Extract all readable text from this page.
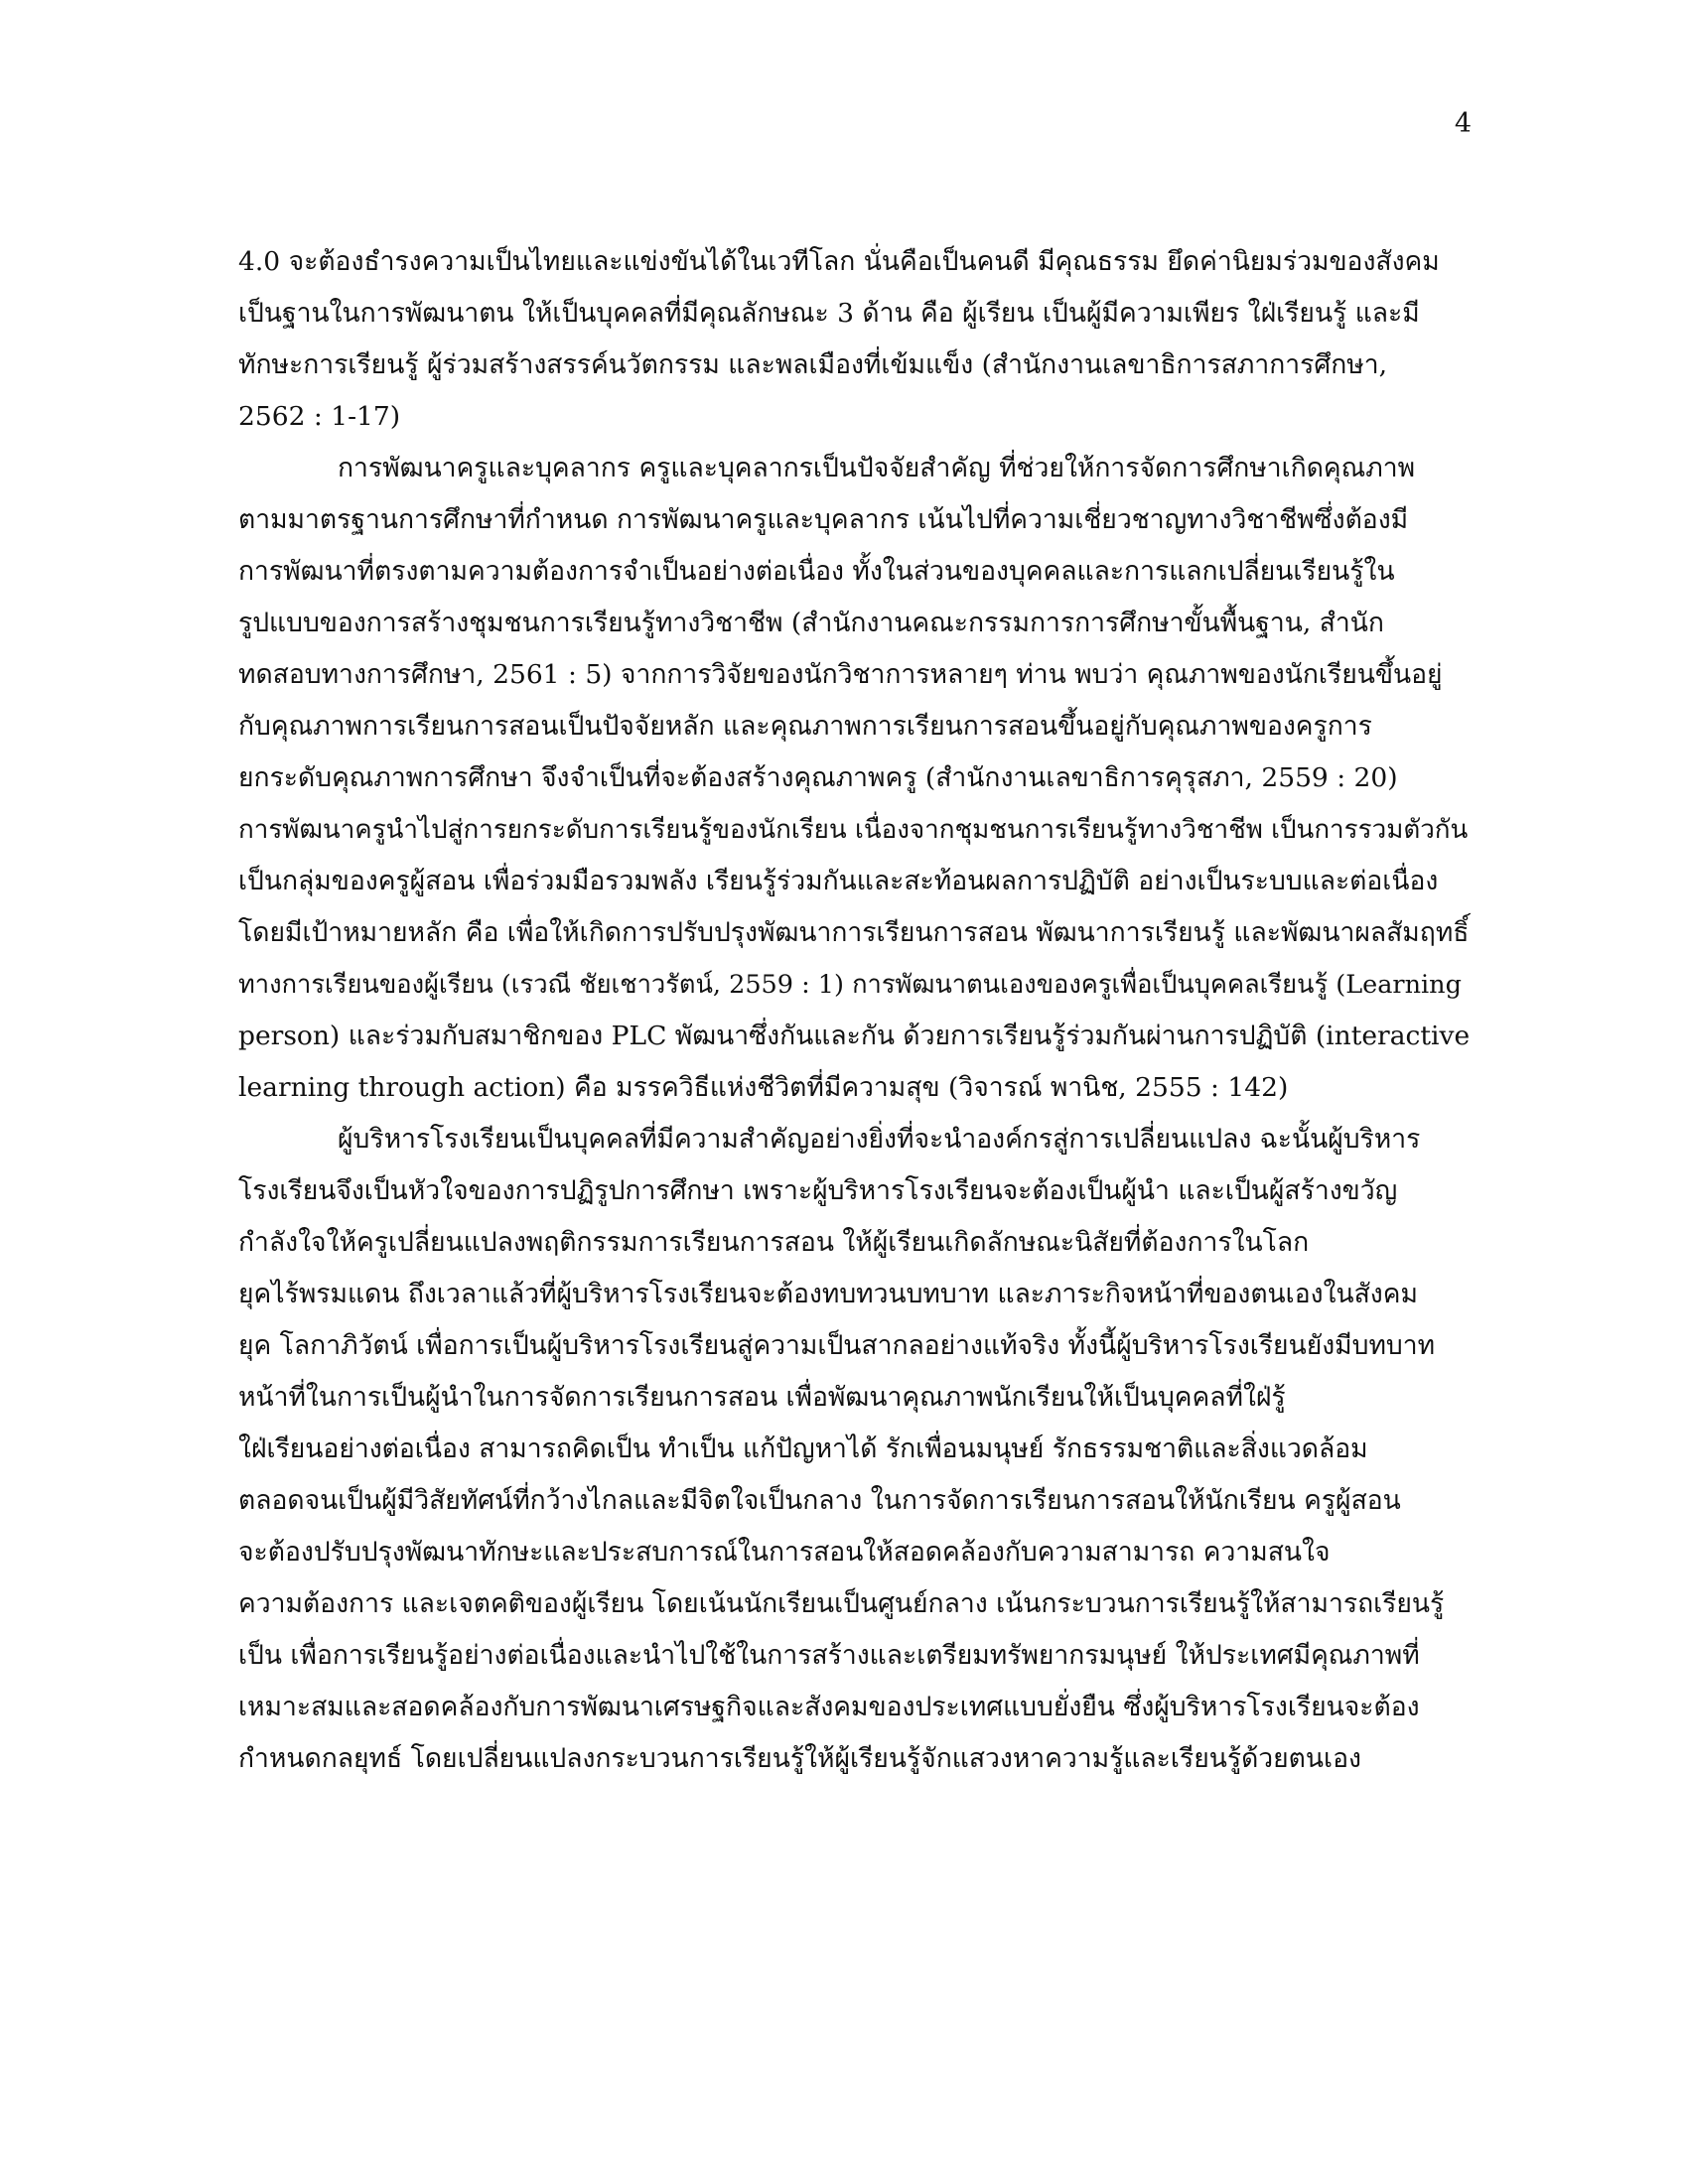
4
4.0 จะต้องธำรงความเป็นไทยและแข่งขันได้ในเวทีโลก นั่นคือเป็นคนดี มีคุณธรรม ยึดค่านิยมร่วมของสังคม
เป็นฐานในการพัฒนาตน ให้เป็นบุคคลที่มีคุณลักษณะ 3 ด้าน คือ ผู้เรียน เป็นผู้มีความเพียร ใฝ่เรียนรู้ และมี
ทักษะการเรียนรู้ ผู้ร่วมสร้างสรรค์นวัตกรรม และพลเมืองที่เข้มแข็ง (สำนักงานเลขาธิการสภาการศึกษา,
2562 : 1-17)
การพัฒนาครูและบุคลากร ครูและบุคลากรเป็นปัจจัยสำคัญ ที่ช่วยให้การจัดการศึกษาเกิดคุณภาพ
ตามมาตรฐานการศึกษาที่กำหนด การพัฒนาครูและบุคลากร เน้นไปที่ความเชี่ยวชาญทางวิชาชีพซึ่งต้องมี
การพัฒนาที่ตรงตามความต้องการจำเป็นอย่างต่อเนื่อง ทั้งในส่วนของบุคคลและการแลกเปลี่ยนเรียนรู้ใน
รูปแบบของการสร้างชุมชนการเรียนรู้ทางวิชาชีพ (สำนักงานคณะกรรมการการศึกษาขั้นพื้นฐาน, สำนัก
ทดสอบทางการศึกษา, 2561 : 5) จากการวิจัยของนักวิชาการหลายๆ ท่าน พบว่า คุณภาพของนักเรียนขึ้นอยู่
กับคุณภาพการเรียนการสอนเป็นปัจจัยหลัก และคุณภาพการเรียนการสอนขึ้นอยู่กับคุณภาพของครูการ
ยกระดับคุณภาพการศึกษา จึงจำเป็นที่จะต้องสร้างคุณภาพครู (สำนักงานเลขาธิการคุรุสภา, 2559 : 20)
การพัฒนาครูนำไปสู่การยกระดับการเรียนรู้ของนักเรียน เนื่องจากชุมชนการเรียนรู้ทางวิชาชีพ เป็นการรวมตัวกัน
เป็นกลุ่มของครูผู้สอน เพื่อร่วมมือรวมพลัง เรียนรู้ร่วมกันและสะท้อนผลการปฏิบัติ อย่างเป็นระบบและต่อเนื่อง
โดยมีเป้าหมายหลัก คือ เพื่อให้เกิดการปรับปรุงพัฒนาการเรียนการสอน พัฒนาการเรียนรู้ และพัฒนาผลสัมฤทธิ์
ทางการเรียนของผู้เรียน (เรวณี ชัยเชาวรัตน์, 2559 : 1) การพัฒนาตนเองของครูเพื่อเป็นบุคคลเรียนรู้ (Learning
person) และร่วมกับสมาชิกของ PLC พัฒนาซึ่งกันและกัน ด้วยการเรียนรู้ร่วมกันผ่านการปฏิบัติ (interactive
learning through action) คือ มรรควิธีแห่งชีวิตที่มีความสุข (วิจารณ์ พานิช, 2555 : 142)
ผู้บริหารโรงเรียนเป็นบุคคลที่มีความสำคัญอย่างยิ่งที่จะนำองค์กรสู่การเปลี่ยนแปลง ฉะนั้นผู้บริหาร
โรงเรียนจึงเป็นหัวใจของการปฏิรูปการศึกษา เพราะผู้บริหารโรงเรียนจะต้องเป็นผู้นำ และเป็นผู้สร้างขวัญ
กำลังใจให้ครูเปลี่ยนแปลงพฤติกรรมการเรียนการสอน ให้ผู้เรียนเกิดลักษณะนิสัยที่ต้องการในโลก
ยุคไร้พรมแดน ถึงเวลาแล้วที่ผู้บริหารโรงเรียนจะต้องทบทวนบทบาท และภาระกิจหน้าที่ของตนเองในสังคม
ยุค โลกาภิวัตน์ เพื่อการเป็นผู้บริหารโรงเรียนสู่ความเป็นสากลอย่างแท้จริง ทั้งนี้ผู้บริหารโรงเรียนยังมีบทบาท
หน้าที่ในการเป็นผู้นำในการจัดการเรียนการสอน เพื่อพัฒนาคุณภาพนักเรียนให้เป็นบุคคลที่ใฝ่รู้
ใฝ่เรียนอย่างต่อเนื่อง สามารถคิดเป็น ทำเป็น แก้ปัญหาได้ รักเพื่อนมนุษย์ รักธรรมชาติและสิ่งแวดล้อม
ตลอดจนเป็นผู้มีวิสัยทัศน์ที่กว้างไกลและมีจิตใจเป็นกลาง ในการจัดการเรียนการสอนให้นักเรียน ครูผู้สอน
จะต้องปรับปรุงพัฒนาทักษะและประสบการณ์ในการสอนให้สอดคล้องกับความสามารถ ความสนใจ
ความต้องการ และเจตคติของผู้เรียน โดยเน้นนักเรียนเป็นศูนย์กลาง เน้นกระบวนการเรียนรู้ให้สามารถเรียนรู้
เป็น เพื่อการเรียนรู้อย่างต่อเนื่องและนำไปใช้ในการสร้างและเตรียมทรัพยากรมนุษย์ ให้ประเทศมีคุณภาพที่
เหมาะสมและสอดคล้องกับการพัฒนาเศรษฐกิจและสังคมของประเทศแบบยั่งยืน ซึ่งผู้บริหารโรงเรียนจะต้อง
กำหนดกลยุทธ์ โดยเปลี่ยนแปลงกระบวนการเรียนรู้ให้ผู้เรียนรู้จักแสวงหาความรู้และเรียนรู้ด้วยตนเอง
